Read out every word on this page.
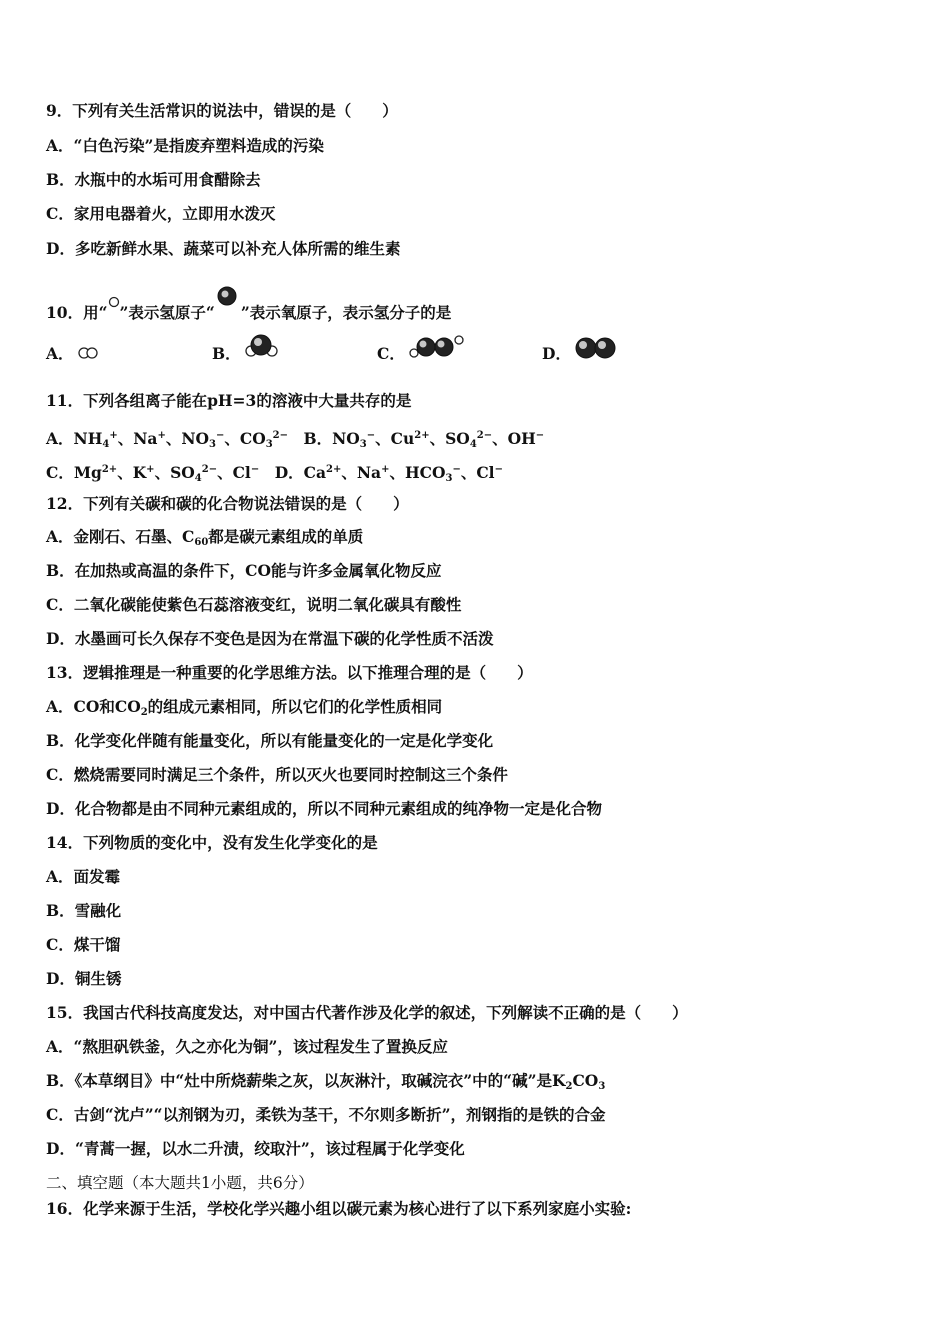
9．下列有关生活常识的说法中，错误的是（　　）
A．“白色污染”是指废弃塑料造成的污染
B．水瓶中的水垢可用食醋除去
C．家用电器着火，立即用水泼灭
D．多吃新鲜水果、蔬菜可以补充人体所需的维生素
10．用“ ”表示氢原子“ ”表示氧原子，表示氢分子的是
A．	B．	C．	D．
11．下列各组离子能在pH=3的溶液中大量共存的是
A．$NH_4^+$、Na+、$NO_3^-$、$CO_3^{2-}$　B．$NO_3^-$、$Cu^{2+}$、$SO_4^{2-}$、OH−
C．$Mg^{2+}$、K+、$SO_4^{2-}$、Cl−　D．$Ca^{2+}$、Na+、$HCO_3^-$、Cl−
12．下列有关碳和碳的化合物说法错误的是（　　）
A．金刚石、石墨、$C_{60}$都是碳元素组成的单质
B．在加热或高温的条件下，CO能与许多金属氧化物反应
C．二氧化碳能使紫色石蕊溶液变红，说明二氧化碳具有酸性
D．水墨画可长久保存不变色是因为在常温下碳的化学性质不活泼
13．逻辑推理是一种重要的化学思维方法。以下推理合理的是（　　）
A．CO和$CO_2$的组成元素相同，所以它们的化学性质相同
B．化学变化伴随有能量变化，所以有能量变化的一定是化学变化
C．燃烧需要同时满足三个条件，所以灭火也要同时控制这三个条件
D．化合物都是由不同种元素组成的，所以不同种元素组成的纯净物一定是化合物
14．下列物质的变化中，没有发生化学变化的是
A．面发霉
B．雪融化
C．煤干馏
D．铜生锈
15．我国古代科技高度发达，对中国古代著作涉及化学的叙述，下列解读不正确的是（　　）
A．“熬胆矾铁釜，久之亦化为铜”，该过程发生了置换反应
B．《本草纲目》中“灶中所烧薪柴之灰，以灰淋汁，取碱浣衣”中的“碱”是$K_2CO_3$
C．古剑“沈卢”“以剂钢为刃，柔铁为茎干，不尔则多断折”，剂钢指的是铁的合金
D．“青蒿一握，以水二升渍，绞取汁”，该过程属于化学变化
二、填空题（本大题共1小题，共6分）
16．化学来源于生活，学校化学兴趣小组以碳元素为核心进行了以下系列家庭小实验:
